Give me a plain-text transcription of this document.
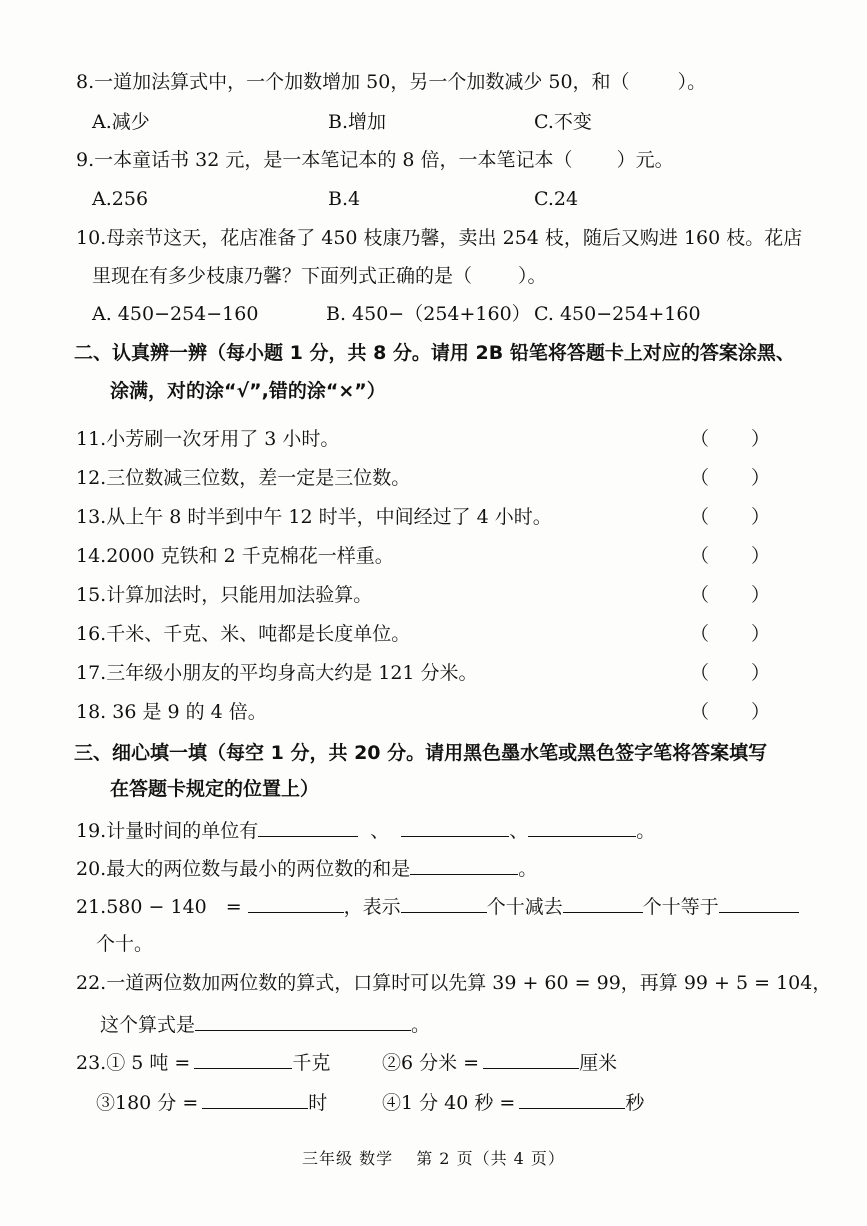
8.一道加法算式中，一个加数增加 50，另一个加数减少 50，和（	）。
A.减少	B.增加	C.不变
9.一本童话书 32 元，是一本笔记本的 8 倍，一本笔记本（ ）元。
A.256	B.4	C.24
10.母亲节这天，花店准备了 450 枝康乃馨，卖出 254 枝，随后又购进 160 枝。花店
里现在有多少枝康乃馨？下面列式正确的是（ ）。
A. 450−254−160	B. 450−（254+160） C. 450−254+160
二、认真辨一辨（每小题 1 分，共 8 分。请用 2B 铅笔将答题卡上对应的答案涂黑、
涂满，对的涂“√”,错的涂“×”）
11.小芳刷一次牙用了 3 小时。	（ ）
12.三位数减三位数，差一定是三位数。	（ ）
13.从上午 8 时半到中午 12 时半，中间经过了 4 小时。	（ ）
14.2000 克铁和 2 千克棉花一样重。	（ ）
15.计算加法时，只能用加法验算。	（ ）
16.千米、千克、米、吨都是长度单位。	（ ）
17.三年级小朋友的平均身高大约是 121 分米。	（ ）
18. 36 是 9 的 4 倍。	（ ）
三、细心填一填（每空 1 分，共 20 分。请用黑色墨水笔或黑色签字笔将答案填写
在答题卡规定的位置上）
19.计量时间的单位有	、	、	。
20.最大的两位数与最小的两位数的和是	。
21.580 − 140　=	，表示	个十减去	个十等于
个十。
22.一道两位数加两位数的算式，口算时可以先算 39 + 60 = 99，再算 99 + 5 = 104，
这个算式是	。
23.① 5 吨 =	千克	②6 分米 =	厘米
③180 分 =	时	④1 分 40 秒 =	秒
三年级 数学　 第 2 页（共 4 页）
